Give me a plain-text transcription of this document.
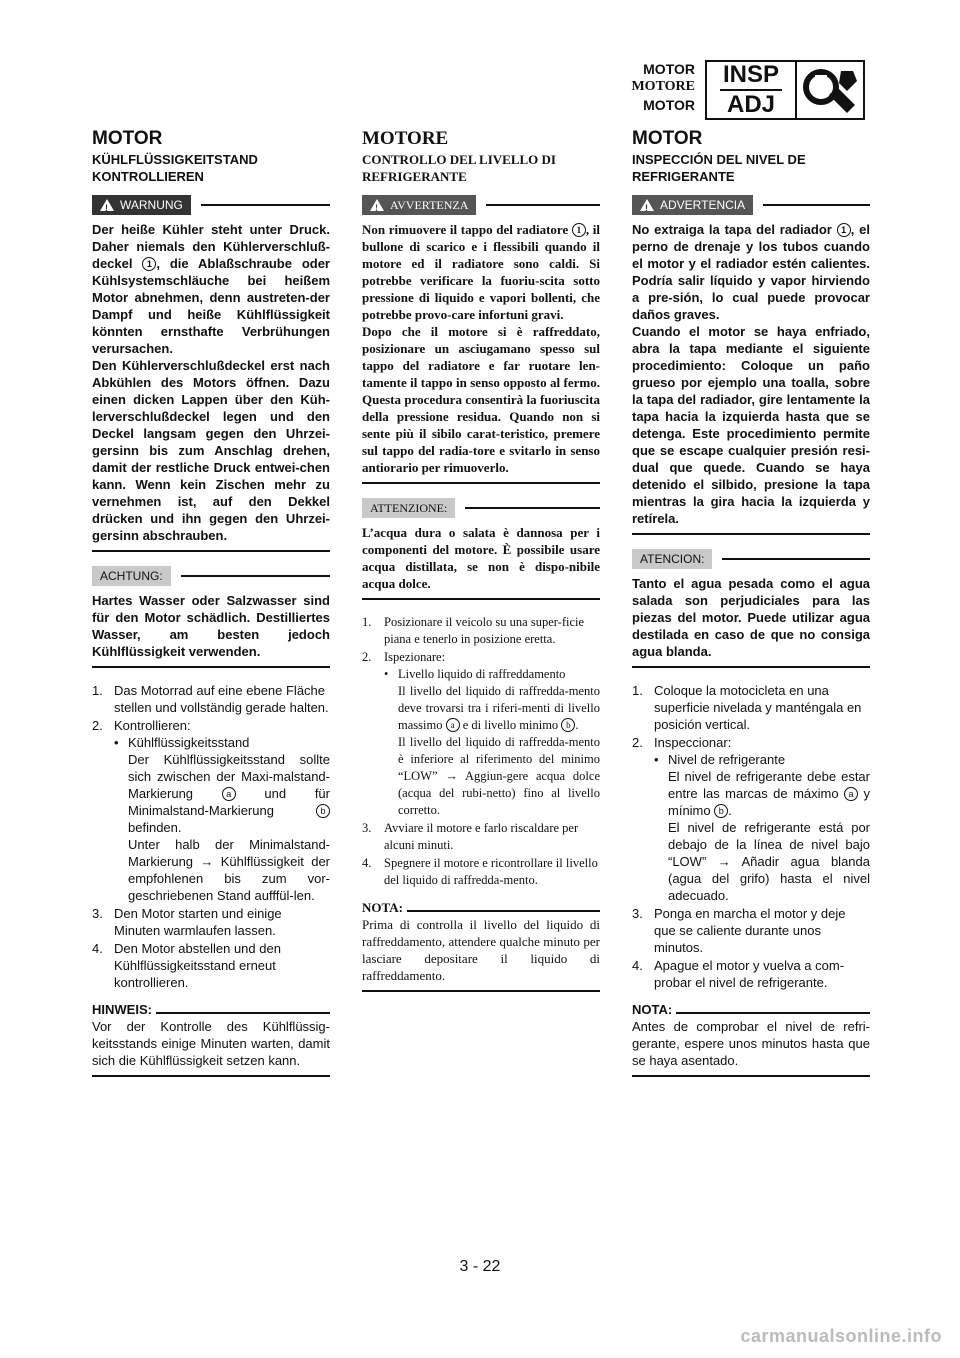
MOTOR
MOTORE
MOTOR
INSP
ADJ
MOTOR
KÜHLFLÜSSIGKEITSTAND KONTROLLIEREN
!
WARNUNG

Der heiße Kühler steht unter Druck. Daher niemals den Kühlerverschluß-deckel 1 , die Ablaßschraube oder Kühlsystemschläuche bei heißem Motor abnehmen, denn austreten-der Dampf und heiße Kühlflüssigkeit könnten ernsthafte Verbrühungen verursachen.

Den Kühlerverschlußdeckel erst nach Abkühlen des Motors öffnen. Dazu einen dicken Lappen über den Küh-lerverschlußdeckel legen und den Deckel langsam gegen den Uhrzei-gersinn bis zum Anschlag drehen, damit der restliche Druck entwei-chen kann. Wenn kein Zischen mehr zu vernehmen ist, auf den Dekkel drücken und ihn gegen den Uhrzei-gersinn abschrauben.

ACHTUNG:

Hartes Wasser oder Salzwasser sind für den Motor schädlich. Destilliertes Wasser, am besten jedoch Kühlflüssigkeit verwenden.

1. Das Motorrad auf eine ebene Fläche stellen und vollständig gerade halten.
2. Kontrollieren:
• Kühlflüssigkeitsstand
Der Kühlflüssigkeitsstand sollte sich zwischen der Maxi-malstand-Markierung a und für Minimalstand-Markierung b befinden.
Unter halb der Minimalstand-Markierung → Kühlflüssigkeit der empfohlenen bis zum vor-geschriebenen Stand aufffül-len.
3. Den Motor starten und einige Minuten warmlaufen lassen.
4. Den Motor abstellen und den Kühlflüssigkeitsstand erneut kontrollieren.
HINWEIS:

Vor der Kontrolle des Kühlflüssig-keitsstands einige Minuten warten, damit sich die Kühlflüssigkeit setzen kann.

MOTORE
CONTROLLO DEL LIVELLO DI REFRIGERANTE
!
AVVERTENZA

Non rimuovere il tappo del radiatore 1 , il bullone di scarico e i flessibili quando il motore ed il radiatore sono caldi. Si potrebbe verificare la fuoriu-scita sotto pressione di liquido e vapori bollenti, che potrebbe provo-care infortuni gravi.

Dopo che il motore si è raffreddato, posizionare un asciugamano spesso sul tappo del radiatore e far ruotare len-tamente il tappo in senso opposto al fermo. Questa procedura consentirà la fuoriuscita della pressione residua. Quando non si sente più il sibilo carat-teristico, premere sul tappo del radia-tore e svitarlo in senso antiorario per rimuoverlo.

ATTENZIONE:

L’acqua dura o salata è dannosa per i componenti del motore. È possibile usare acqua distillata, se non è dispo-nibile acqua dolce.

1.	Posizionare il veicolo su una super-ficie piana e tenerlo in posizione eretta.
2.	Ispezionare:
• Livello liquido di raffreddamento
Il livello del liquido di raffredda-mento deve trovarsi tra i riferi-menti di livello massimo a e di livello minimo b .
Il livello del liquido di raffredda-mento è inferiore al riferimento del minimo “LOW” → Aggiun-gere acqua dolce (acqua del rubi-netto) fino al livello corretto.
3.	Avviare il motore e farlo riscaldare per alcuni minuti.
4.	Spegnere il motore e ricontrollare il livello del liquido di raffredda-mento.
NOTA:

Prima di controlla il livello del liquido di raffreddamento, attendere qualche minuto per lasciare depositare il liquido di raffreddamento.

MOTOR
INSPECCIÓN DEL NIVEL DE REFRIGERANTE
!
ADVERTENCIA

No extraiga la tapa del radiador 1 , el perno de drenaje y los tubos cuando el motor y el radiador estén calientes. Podría salir líquido y vapor hirviendo a pre-sión, lo cual puede provocar daños graves.

Cuando el motor se haya enfriado, abra la tapa mediante el siguiente procedimiento: Coloque un paño grueso por ejemplo una toalla, sobre la tapa del radiador, gire lentamente la tapa hacia la izquierda hasta que se detenga. Este procedimiento permite que se escape cualquier presión resi-dual que quede. Cuando se haya detenido el silbido, presione la tapa mientras la gira hacia la izquierda y retírela.

ATENCION:

Tanto el agua pesada como el agua salada son perjudiciales para las piezas del motor. Puede utilizar agua destilada en caso de que no consiga agua blanda.

1. Coloque la motocicleta en una superficie nivelada y manténgala en posición vertical.
2. Inspeccionar:
• Nivel de refrigerante
El nivel de refrigerante debe estar entre las marcas de máximo a y mínimo b .
El nivel de refrigerante está por debajo de la línea de nivel bajo “LOW” → Añadir agua blanda (agua del grifo) hasta el nivel adecuado.
3. Ponga en marcha el motor y deje que se caliente durante unos minutos.
4. Apague el motor y vuelva a com-probar el nivel de refrigerante.
NOTA:

Antes de comprobar el nivel de refri-gerante, espere unos minutos hasta que se haya asentado.

3 - 22
carmanualsonline.info
